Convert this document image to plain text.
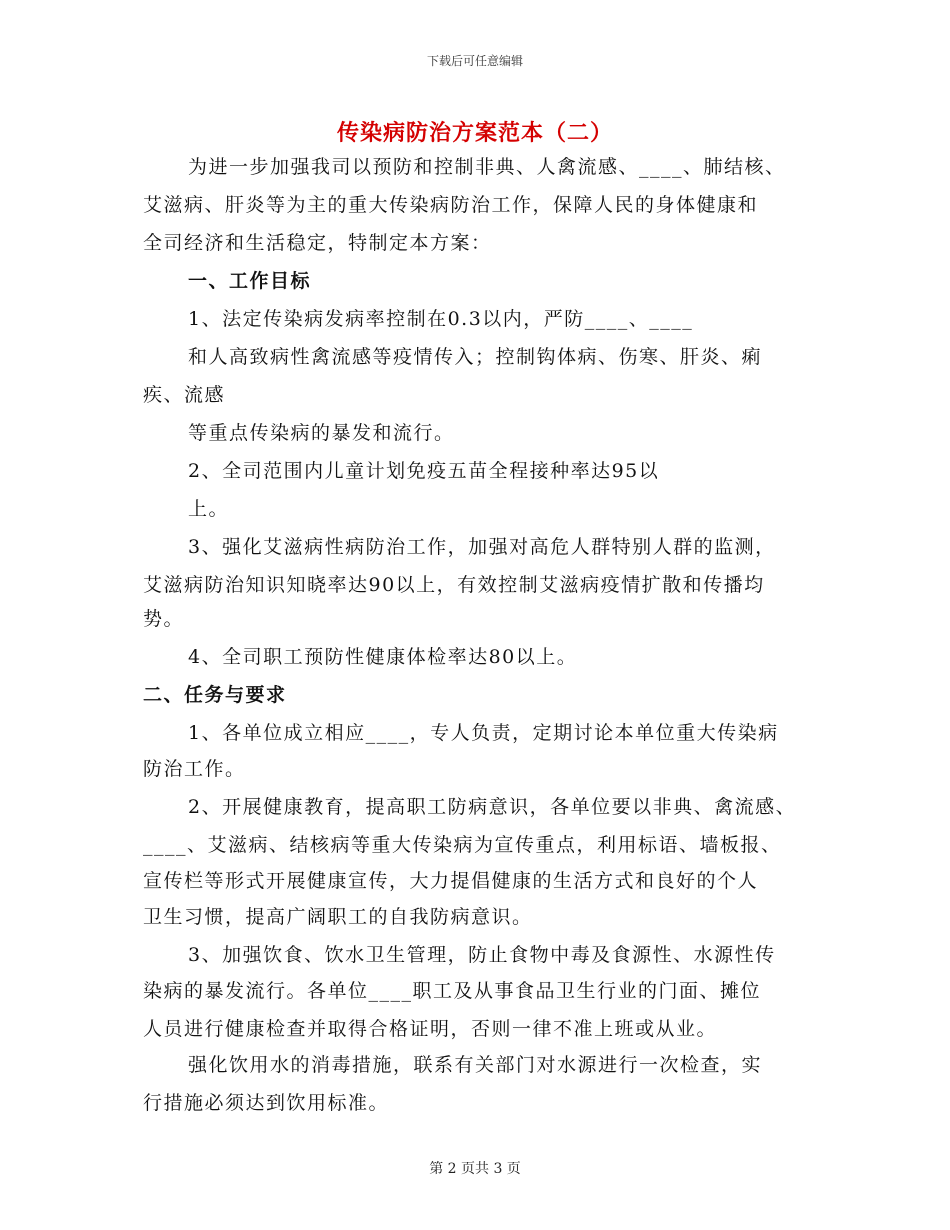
下载后可任意编辑
传染病防治方案范本（二）
为进一步加强我司以预防和控制非典、人禽流感、____、肺结核、
艾滋病、肝炎等为主的重大传染病防治工作，保障人民的身体健康和
全司经济和生活稳定，特制定本方案：
一、工作目标
1、法定传染病发病率控制在0.3以内，严防____、____
和人高致病性禽流感等疫情传入；控制钩体病、伤寒、肝炎、痢
疾、流感
等重点传染病的暴发和流行。
2、全司范围内儿童计划免疫五苗全程接种率达95以
上。
3、强化艾滋病性病防治工作，加强对高危人群特别人群的监测，
艾滋病防治知识知晓率达90以上，有效控制艾滋病疫情扩散和传播均
势。
4、全司职工预防性健康体检率达80以上。
二、任务与要求
1、各单位成立相应____，专人负责，定期讨论本单位重大传染病
防治工作。
2、开展健康教育，提高职工防病意识，各单位要以非典、禽流感、
____、艾滋病、结核病等重大传染病为宣传重点，利用标语、墙板报、
宣传栏等形式开展健康宣传，大力提倡健康的生活方式和良好的个人
卫生习惯，提高广阔职工的自我防病意识。
3、加强饮食、饮水卫生管理，防止食物中毒及食源性、水源性传
染病的暴发流行。各单位____职工及从事食品卫生行业的门面、摊位
人员进行健康检查并取得合格证明，否则一律不准上班或从业。
强化饮用水的消毒措施，联系有关部门对水源进行一次检查，实
行措施必须达到饮用标准。
第 2 页共 3 页
